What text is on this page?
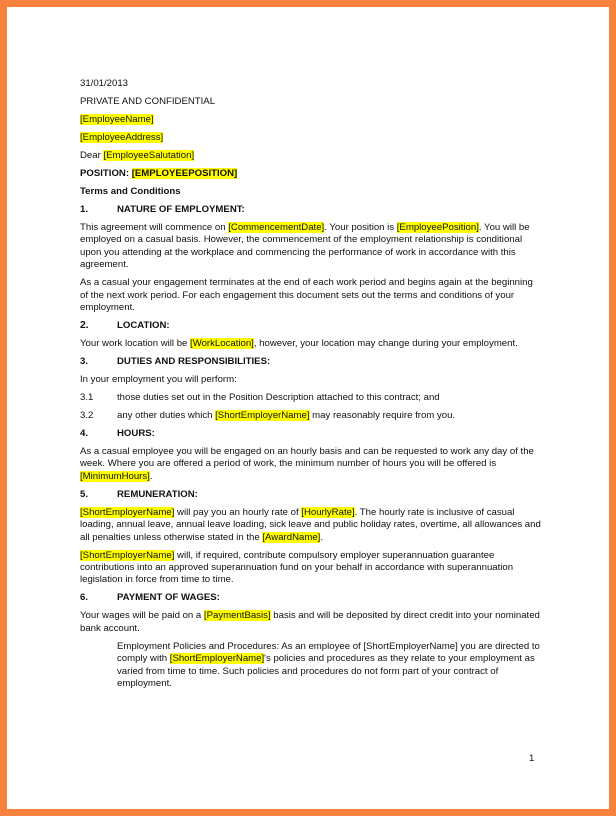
31/01/2013

PRIVATE AND CONFIDENTIAL

[EmployeeName]

[EmployeeAddress]

Dear [EmployeeSalutation]

POSITION: [EMPLOYEEPOSITION]

Terms and Conditions

1.	NATURE OF EMPLOYMENT:

This agreement will commence on [CommencementDate]. Your position is [EmployeePosition]. You will be employed on a casual basis. However, the commencement of the employment relationship is conditional upon you attending at the workplace and commencing the performance of work in accordance with this agreement.

As a casual your engagement terminates at the end of each work period and begins again at the beginning of the next work period. For each engagement this document sets out the terms and conditions of your employment.

2.	LOCATION:

Your work location will be [WorkLocation], however, your location may change during your employment.

3.	DUTIES AND RESPONSIBILITIES:

In your employment you will perform:

3.1	those duties set out in the Position Description attached to this contract; and
3.2	any other duties which [ShortEmployerName] may reasonably require from you.
4.	HOURS:

As a casual employee you will be engaged on an hourly basis and can be requested to work any day of the week. Where you are offered a period of work, the minimum number of hours you will be offered is [MinimumHours].

5.	REMUNERATION:

[ShortEmployerName] will pay you an hourly rate of [HourlyRate]. The hourly rate is inclusive of casual loading, annual leave, annual leave loading, sick leave and public holiday rates, overtime, all allowances and all penalties unless otherwise stated in the [AwardName].

[ShortEmployerName] will, if required, contribute compulsory employer superannuation guarantee contributions into an approved superannuation fund on your behalf in accordance with superannuation legislation in force from time to time.

6.	PAYMENT OF WAGES:

Your wages will be paid on a [PaymentBasis] basis and will be deposited by direct credit into your nominated bank account.

Employment Policies and Procedures: As an employee of [ShortEmployerName] you are directed to comply with [ShortEmployerName]'s policies and procedures as they relate to your employment as varied from time to time. Such policies and procedures do not form part of your contract of employment.

1
